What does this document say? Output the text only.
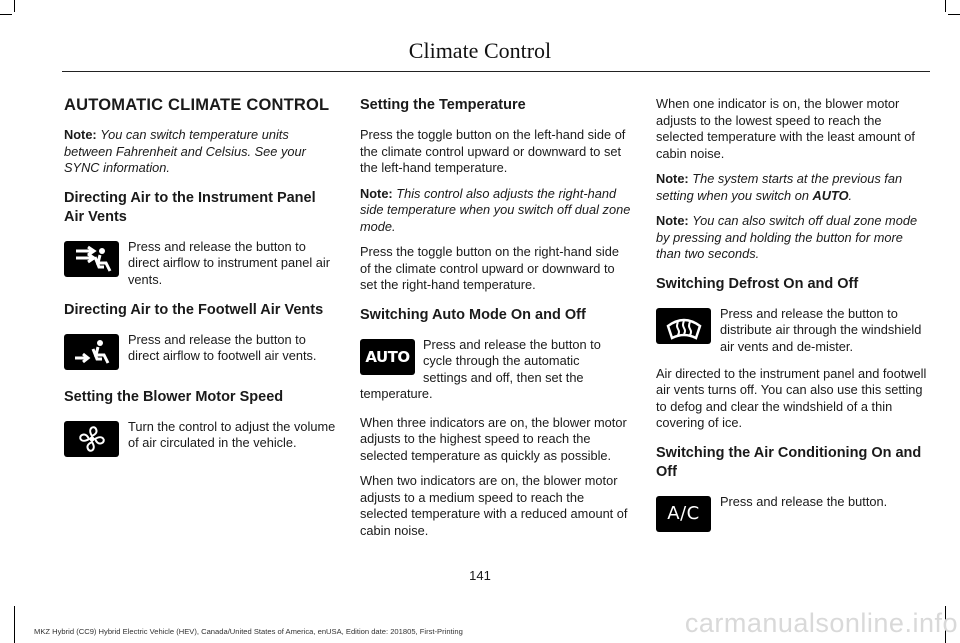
Climate Control
AUTOMATIC CLIMATE CONTROL

Note: You can switch temperature units between Fahrenheit and Celsius. See your SYNC information.

Directing Air to the Instrument Panel Air Vents
Press and release the button to direct airflow to instrument panel air vents.
Directing Air to the Footwell Air Vents
Press and release the button to direct airflow to footwell air vents.
Setting the Blower Motor Speed
Turn the control to adjust the volume of air circulated in the vehicle.
Setting the Temperature

Press the toggle button on the left-hand side of the climate control upward or downward to set the left-hand temperature.

Note: This control also adjusts the right-hand side temperature when you switch off dual zone mode.

Press the toggle button on the right-hand side of the climate control upward or downward to set the right-hand temperature.

Switching Auto Mode On and Off
AUTO

Press and release the button to
cycle through the automatic
settings and off, then set the
temperature.

When three indicators are on, the blower motor adjusts to the highest speed to reach the selected temperature as quickly as possible.

When two indicators are on, the blower motor adjusts to a medium speed to reach the selected temperature with a reduced amount of cabin noise.

When one indicator is on, the blower motor adjusts to the lowest speed to reach the selected temperature with the least amount of cabin noise.

Note: The system starts at the previous fan setting when you switch on AUTO.

Note: You can also switch off dual zone mode by pressing and holding the button for more than two seconds.

Switching Defrost On and Off
Press and release the button to distribute air through the windshield air vents and de-mister.

Air directed to the instrument panel and footwell air vents turns off. You can also use this setting to defog and clear the windshield of a thin covering of ice.

Switching the Air Conditioning On and Off
A/C
Press and release the button.
141
MKZ Hybrid (CC9) Hybrid Electric Vehicle (HEV), Canada/United States of America, enUSA, Edition date: 201805, First-Printing	carmanualsonline.info
